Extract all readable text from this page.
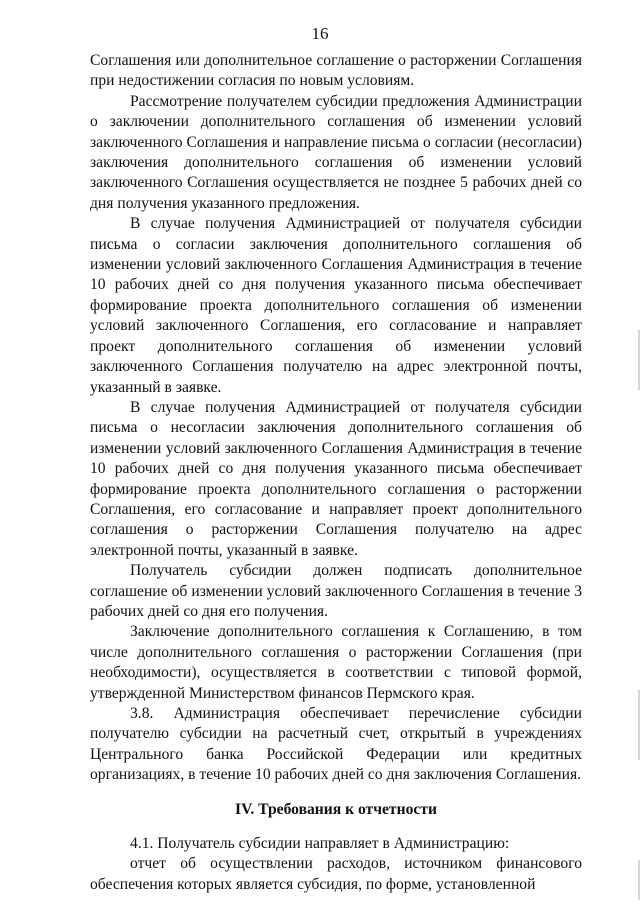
16

Соглашения или дополнительное соглашение о расторжении Соглашения при недостижении согласия по новым условиям.

Рассмотрение получателем субсидии предложения Администрации о заключении дополнительного соглашения об изменении условий заключенного Соглашения и направление письма о согласии (несогласии) заключения дополнительного соглашения об изменении условий заключенного Соглашения осуществляется не позднее 5 рабочих дней со дня получения указанного предложения.

В случае получения Администрацией от получателя субсидии письма о согласии заключения дополнительного соглашения об изменении условий заключенного Соглашения Администрация в течение 10 рабочих дней со дня получения указанного письма обеспечивает формирование проекта дополнительного соглашения об изменении условий заключенного Соглашения, его согласование и направляет проект дополнительного соглашения об изменении условий заключенного Соглашения получателю на адрес электронной почты, указанный в заявке.

В случае получения Администрацией от получателя субсидии письма о несогласии заключения дополнительного соглашения об изменении условий заключенного Соглашения Администрация в течение 10 рабочих дней со дня получения указанного письма обеспечивает формирование проекта дополнительного соглашения о расторжении Соглашения, его согласование и направляет проект дополнительного соглашения о расторжении Соглашения получателю на адрес электронной почты, указанный в заявке.

Получатель субсидии должен подписать дополнительное соглашение об изменении условий заключенного Соглашения в течение 3 рабочих дней со дня его получения.

Заключение дополнительного соглашения к Соглашению, в том числе дополнительного соглашения о расторжении Соглашения (при необходимости), осуществляется в соответствии с типовой формой, утвержденной Министерством финансов Пермского края.

3.8. Администрация обеспечивает перечисление субсидии получателю субсидии на расчетный счет, открытый в учреждениях Центрального банка Российской Федерации или кредитных организациях, в течение 10 рабочих дней со дня заключения Соглашения.

IV. Требования к отчетности

4.1. Получатель субсидии направляет в Администрацию:

отчет об осуществлении расходов, источником финансового обеспечения которых является субсидия, по форме, установленной
